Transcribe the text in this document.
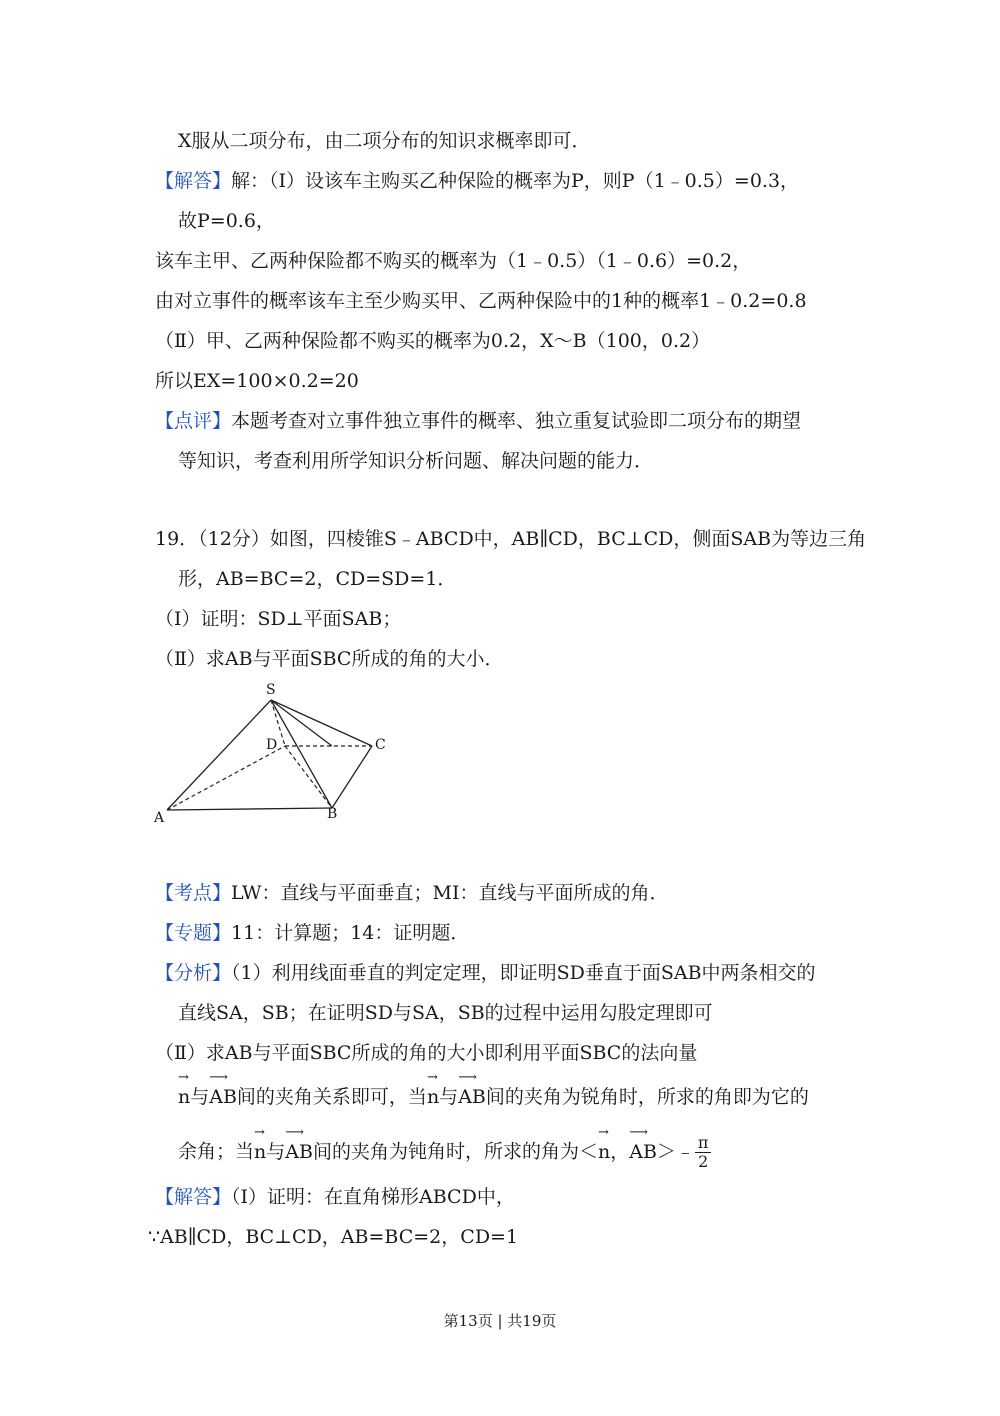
X服从二项分布，由二项分布的知识求概率即可．
【解答】解：（Ⅰ）设该车主购买乙种保险的概率为P，则P（1﹣0.5）=0.3，
故P=0.6，
该车主甲、乙两种保险都不购买的概率为（1﹣0.5）（1﹣0.6）=0.2，
由对立事件的概率该车主至少购买甲、乙两种保险中的1种的概率1﹣0.2=0.8
（Ⅱ）甲、乙两种保险都不购买的概率为0.2，X～B（100，0.2）
所以EX=100×0.2=20
【点评】本题考查对立事件独立事件的概率、独立重复试验即二项分布的期望
等知识，考查利用所学知识分析问题、解决问题的能力．
19．（12分）如图，四棱锥S﹣ABCD中，AB∥CD，BC⊥CD，侧面SAB为等边三角
形，AB=BC=2，CD=SD=1．
（Ⅰ）证明：SD⊥平面SAB；
（Ⅱ）求AB与平面SBC所成的角的大小．
S
D	C
A	B
【考点】LW：直线与平面垂直；MI：直线与平面所成的角．
【专题】11：计算题；14：证明题．
【分析】（1）利用线面垂直的判定定理，即证明SD垂直于面SAB中两条相交的
直线SA，SB；在证明SD与SA，SB的过程中运用勾股定理即可
（Ⅱ）求AB与平面SBC所成的角的大小即利用平面SBC的法向量
→
n与
⟶
AB间的夹角关系即可，当
→
n与
⟶
AB间的夹角为锐角时，所求的角即为它的
余角；当
→
n与
⟶
AB间的夹角为钝角时，所求的角为＜
→
n，
⟶
AB＞﹣ $\frac{\pi}{2}$
【解答】（Ⅰ）证明：在直角梯形ABCD中，
∵AB∥CD，BC⊥CD，AB=BC=2，CD=1
第13页 | 共19页
